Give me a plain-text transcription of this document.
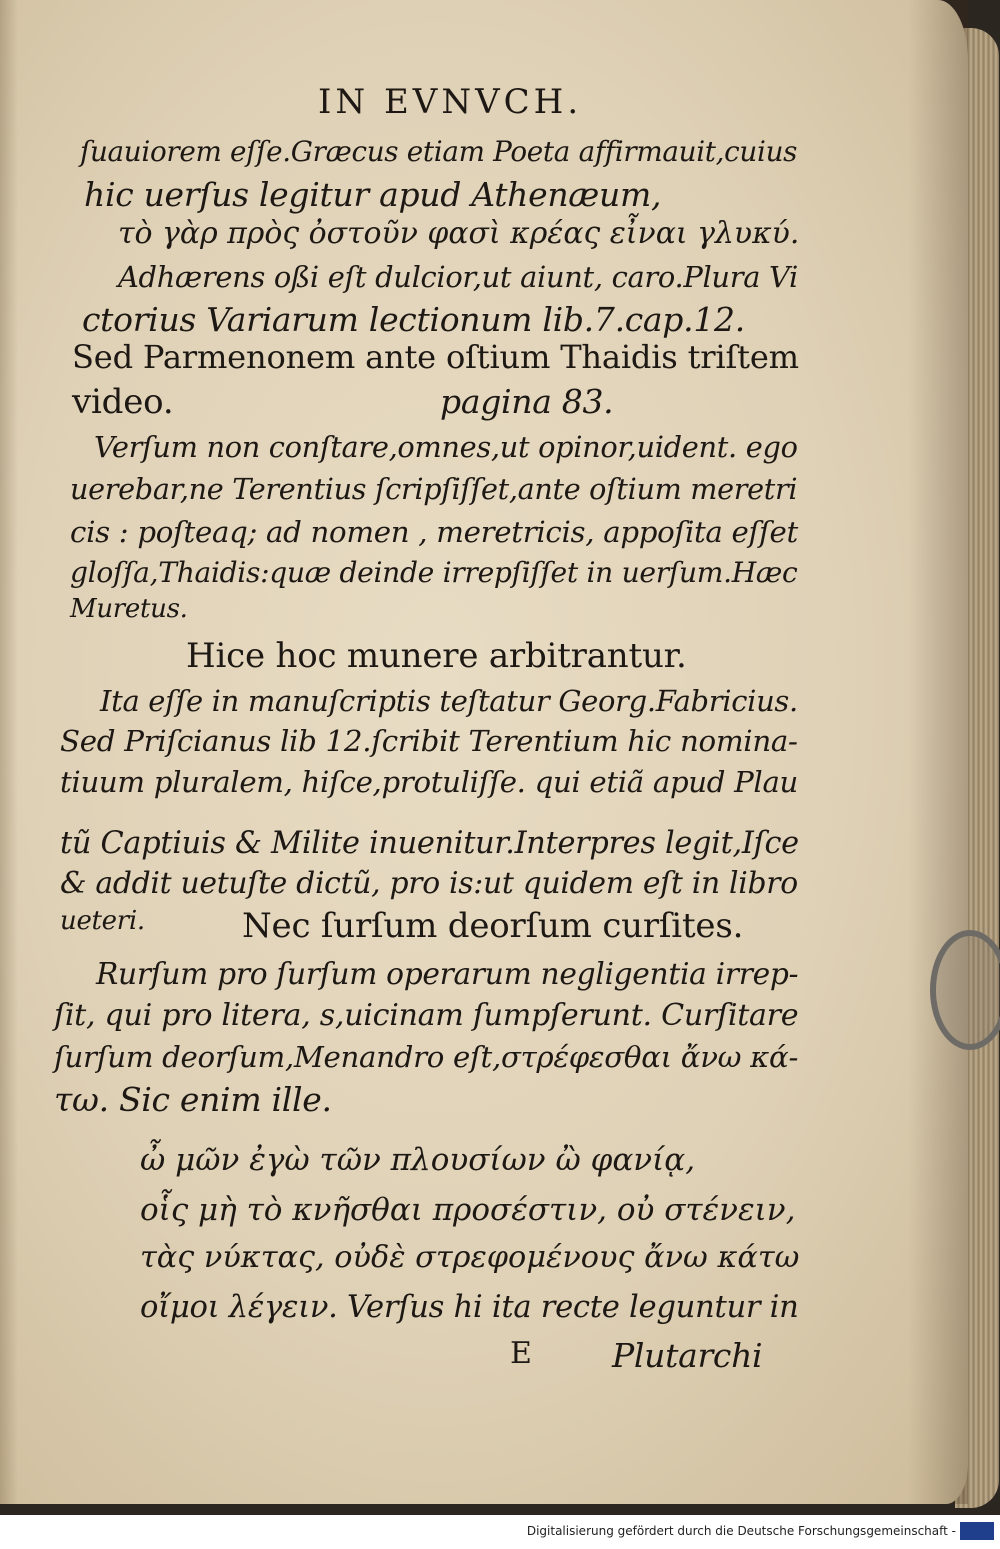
IN EVNVCH.
ſuauiorem eſſe.Græcus etiam Poeta affirmauit,cuius
hic uerſus legitur apud Athenæum,
τὸ γὰρ πρὸς ὀστοῦν φασὶ κρέας εἶναι γλυκύ.
Adhærens oßi eſt dulcior,ut aiunt, caro.Plura Vi
ctorius Variarum lectionum lib.7.cap.12.
Sed Parmenonem ante oſtium Thaidis triſtem
video.	pagina 83.
Verſum non conſtare,omnes,ut opinor,uident. ego
uerebar,ne Terentius ſcripſiſſet,ante oſtium meretri
cis : poſteaq; ad nomen , meretricis, appoſita eſſet
gloſſa,Thaidis:quæ deinde irrepſiſſet in uerſum.Hæc
Muretus.
Hice hoc munere arbitrantur.
Ita eſſe in manuſcriptis teſtatur Georg.Fabricius.
Sed Priſcianus lib 12.ſcribit Terentium hic nomina-
tiuum pluralem, hiſce,protuliſſe. qui etiã apud Plau
tũ Captiuis & Milite inuenitur.Interpres legit,Iſce
& addit uetuſte dictũ, pro is:ut quidem eſt in libro
ueteri.	Nec ſurſum deorſum curſites.
Rurſum pro ſurſum operarum negligentia irrep-
ſit, qui pro litera, s,uicinam ſumpſerunt. Curſitare
ſurſum deorſum,Menandro eſt,στρέφεσθαι ἄνω κά-
τω. Sic enim ille.
ὦ μῶν ἐγὼ τῶν πλουσίων ὢ φανίᾳ,
οἷς μὴ τὸ κνῆσθαι προσέστιν, οὐ στένειν,
τὰς νύκτας, οὐδὲ στρεφομένους ἄνω κάτω
οἴμοι λέγειν. Verſus hi ita recte leguntur in
E Plutarchi
Digitalisierung gefördert durch die Deutsche Forschungsgemeinschaft -
